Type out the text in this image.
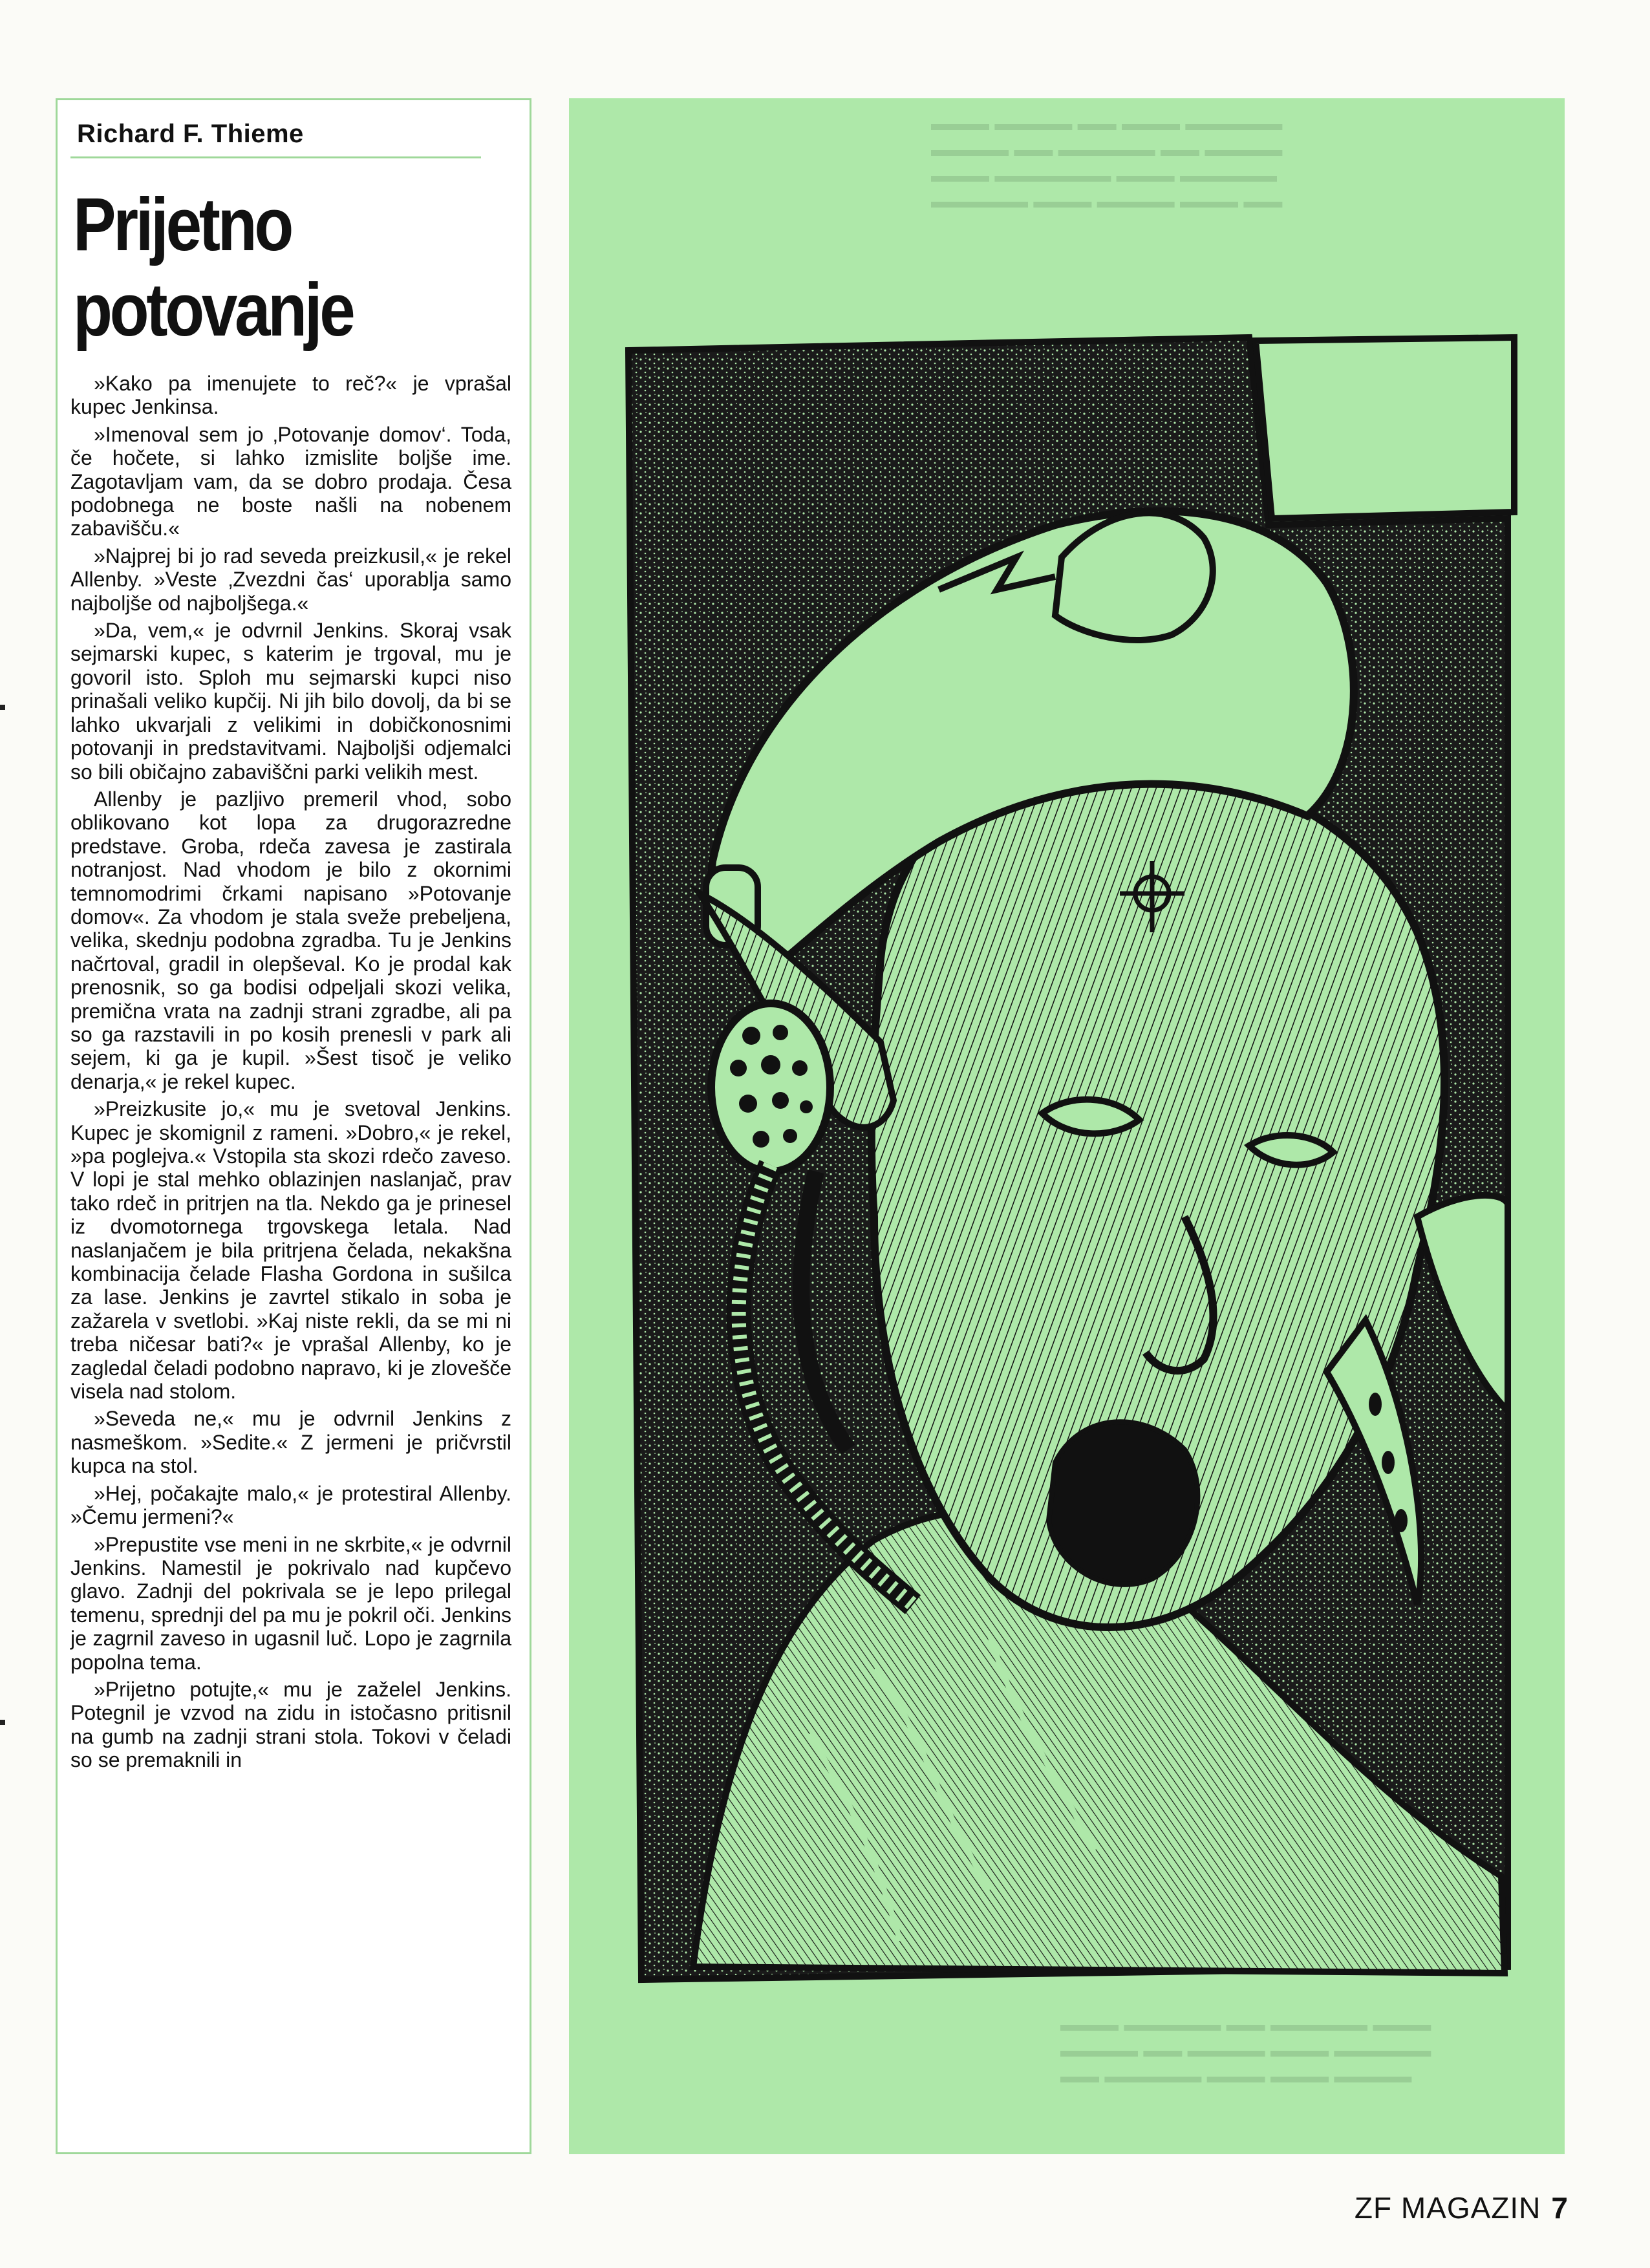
Richard F. Thieme
Prijetno
potovanje

»Kako pa imenujete to reč?« je vprašal kupec Jenkinsa.

»Imenoval sem jo ‚Potovanje domov‘. Toda, če hočete, si lahko izmislite boljše ime. Zagotavljam vam, da se dobro prodaja. Česa podobnega ne boste našli na nobenem zabavišču.«

»Najprej bi jo rad seveda preizkusil,« je rekel Allenby. »Veste ‚Zvezdni čas‘ uporablja samo najboljše od najboljšega.«

»Da, vem,« je odvrnil Jenkins. Skoraj vsak sejmarski kupec, s katerim je trgoval, mu je govoril isto. Sploh mu sejmarski kupci niso prinašali veliko kupčij. Ni jih bilo dovolj, da bi se lahko ukvarjali z velikimi in dobičkonosnimi potovanji in predstavitvami. Najboljši odjemalci so bili običajno zabaviščni parki velikih mest.

Allenby je pazljivo premeril vhod, sobo oblikovano kot lopa za drugorazredne predstave. Groba, rdeča zavesa je zastirala notranjost. Nad vhodom je bilo z okornimi temnomodrimi črkami napisano »Potovanje domov«. Za vhodom je stala sveže prebeljena, velika, skednju podobna zgradba. Tu je Jenkins načrtoval, gradil in olepševal. Ko je prodal kak prenosnik, so ga bodisi odpeljali skozi velika, premična vrata na zadnji strani zgradbe, ali pa so ga razstavili in po kosih prenesli v park ali sejem, ki ga je kupil. »Šest tisoč je veliko denarja,« je rekel kupec.

»Preizkusite jo,« mu je svetoval Jenkins. Kupec je skomignil z rameni. »Dobro,« je rekel, »pa poglejva.« Vstopila sta skozi rdečo zaveso. V lopi je stal mehko oblazinjen naslanjač, prav tako rdeč in pritrjen na tla. Nekdo ga je prinesel iz dvomotornega trgovskega letala. Nad naslanjačem je bila pritrjena čelada, nekakšna kombinacija čelade Flasha Gordona in sušilca za lase. Jenkins je zavrtel stikalo in soba je zažarela v svetlobi. »Kaj niste rekli, da se mi ni treba ničesar bati?« je vprašal Allenby, ko je zagledal čeladi podobno napravo, ki je zlovešče visela nad stolom.

»Seveda ne,« mu je odvrnil Jenkins z nasmeškom. »Sedite.« Z jermeni je pričvrstil kupca na stol.

»Hej, počakajte malo,« je protestiral Allenby. »Čemu jermeni?«

»Prepustite vse meni in ne skrbite,« je odvrnil Jenkins. Namestil je pokrivalo nad kupčevo glavo. Zadnji del pokrivala se je lepo prilegal temenu, sprednji del pa mu je pokril oči. Jenkins je zagrnil zaveso in ugasnil luč. Lopo je zagrnila popolna tema.

»Prijetno potujte,« mu je zaželel Jenkins. Potegnil je vzvod na zidu in istočasno pritisnil na gumb na zadnji strani stola. Tokovi v čeladi so se premaknili in

▬▬▬ ▬▬▬▬ ▬▬ ▬▬▬ ▬▬▬▬▬
▬▬▬▬ ▬▬ ▬▬▬▬▬ ▬▬ ▬▬▬▬
▬▬▬ ▬▬▬▬▬▬ ▬▬▬ ▬▬▬▬▬
▬▬▬▬▬ ▬▬▬ ▬▬▬▬ ▬▬▬ ▬▬
▬▬▬ ▬▬▬▬▬ ▬▬ ▬▬▬▬▬ ▬▬▬
▬▬▬▬ ▬▬ ▬▬▬▬ ▬▬▬ ▬▬▬▬▬
▬▬ ▬▬▬▬▬ ▬▬▬ ▬▬▬ ▬▬▬▬
ZF MAGAZIN 7
